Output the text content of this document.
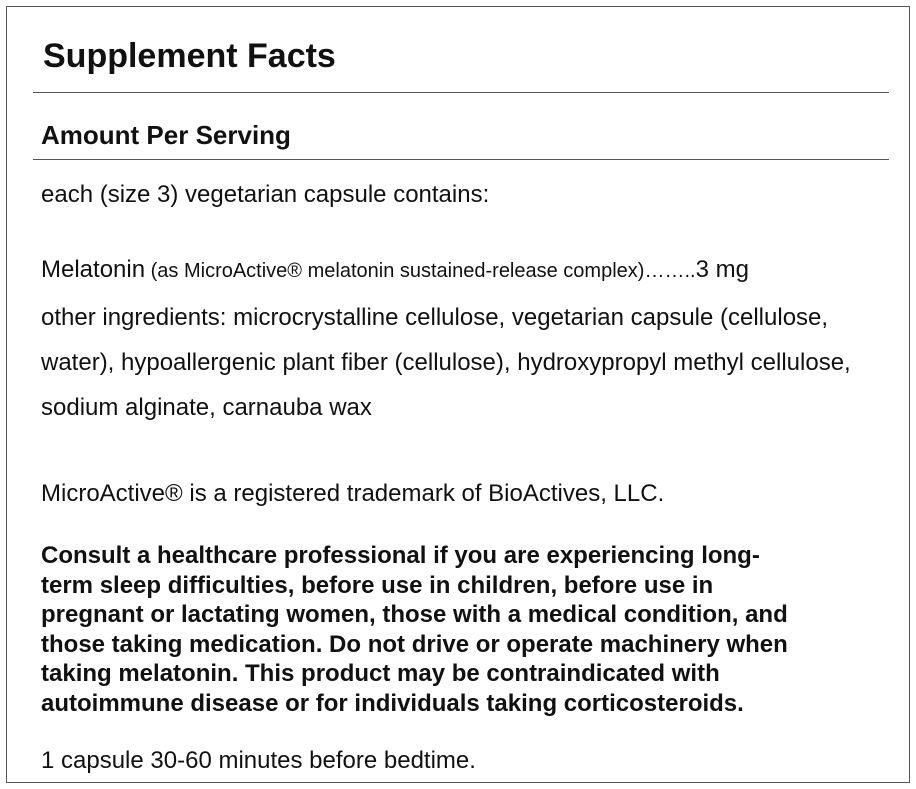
Supplement Facts
Amount Per Serving
each (size 3) vegetarian capsule contains:
Melatonin (as MicroActive® melatonin sustained-release complex)……..3 mg
other ingredients: microcrystalline cellulose, vegetarian capsule (cellulose, water), hypoallergenic plant fiber (cellulose), hydroxypropyl methyl cellulose, sodium alginate, carnauba wax
MicroActive® is a registered trademark of BioActives, LLC.
Consult a healthcare professional if you are experiencing long-
term sleep difficulties, before use in children, before use in
pregnant or lactating women, those with a medical condition, and
those taking medication. Do not drive or operate machinery when
taking melatonin. This product may be contraindicated with
autoimmune disease or for individuals taking corticosteroids.
1 capsule 30-60 minutes before bedtime.
